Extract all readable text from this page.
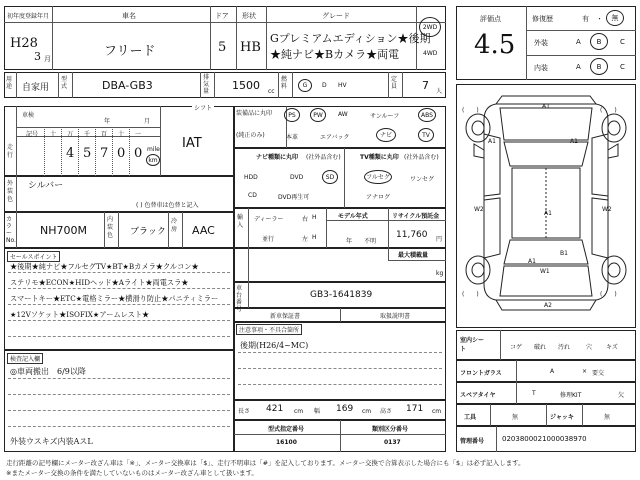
初年度登録年月
H28
3 月
車名
フリード
ドア
5
形状
HB
グレード
Gプレミアムエディション★後期
★純ナビ★Bカメラ★両電
2WD
4WD
評価点
4.5
修復歴	有 ・	無
外装	A	B	C
内装	A	B	C
用途 自家用
型式	DBA-GB3
排気量 1500 cc
燃料	G	D HV
定員 7 人
車検
年	月
シフト
IAT
走行
記号 十 万 千 百 十 一
4 5 7 0 0 mile
km
装備品に丸印
(純正のみ)
PS	PW	AW	サンルーフ	ABS
本革	エアバック	ナビ	TV
ナビ種類に丸印 (社外品含む)
HDD	DVD	SD
CD	DVD再生可
TV種類に丸印 (社外品含む)
フルセグ	ワンセグ
アナログ
外装色
シルバー
( ) 色替車は色替と記入
カラーNo.
NH700M
内装色	ブラック
冷房 AAC
輸入
ディーラー
並行
右 H
左 H
モデル年式
年 不明
リサイクル預託金
11,760 円
最大積載量
kg
セールスポイント
★後期★純ナビ★フルセグTV★BT★Bカメラ★クルコン★
ステリモ★ECON★HIDヘッド★Aライト★両電スラ★
スマートキー★ETC★電格ミラー★横滑り防止★パニティミラー
★12Vソケット★ISOFIX★アームレスト★
車台番号
GB3-1641839
新車保証書	取扱説明書
注意事項・不具合箇所
後期(H26/4~MC)
検査記入欄
◎車両搬出　6/9以降
外装ウスキズ内装AスL
長さ 421 cm 幅 169 cm 高さ 171 cm
型式指定番号
16100
類別区分番号
0137
室内シート	コゲ 破れ 汚れ	穴 キズ
フロントガラス	A	× 要交
スペアタイヤ	T	修理KIT	欠
工具	無	ジャッキ	無
管理番号	0203800021000038970
(　　)	(　　)
(　　)	(　　)
A1
A1	A1
W2	W2
A1
B1
A1
W1
A2
走行距離の記号欄にメーター改ざん車は「※」、メーター交換車は「$」、走行不明車は「#」を記入しております。メーター交換で合算表示した場合にも「$」は必ず記入します。
※またメーター交換の条件を満たしていないものはメーター改ざん車として扱います。
